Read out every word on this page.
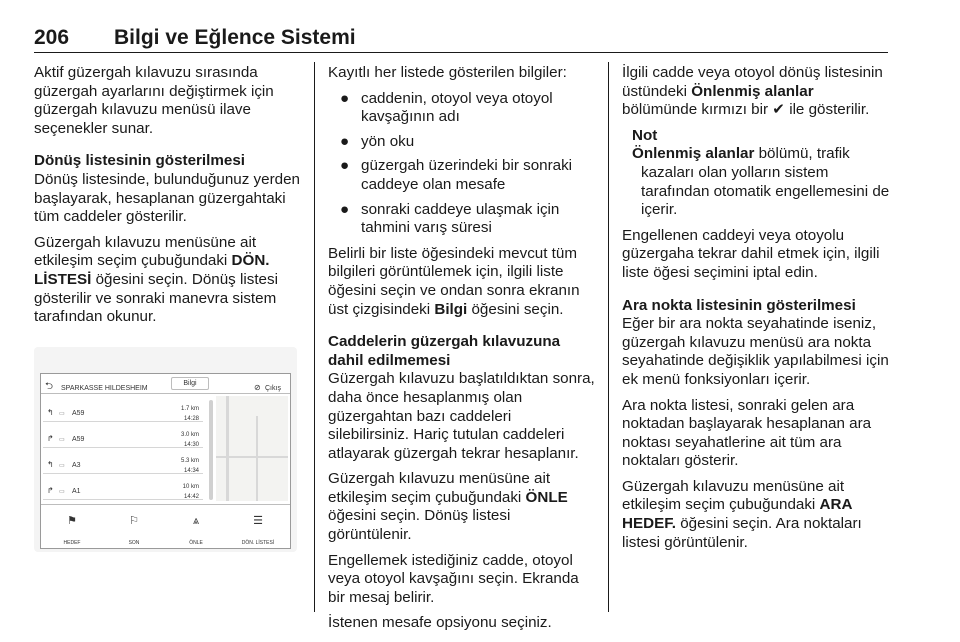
206 Bilgi ve Eğlence Sistemi

Aktif güzergah kılavuzu sırasında güzergah ayarlarını değiştirmek için güzergah kılavuzu menüsü ilave seçenekler sunar.

Dönüş listesinin gösterilmesi

Dönüş listesinde, bulunduğunuz yerden başlayarak, hesaplanan güzergahtaki tüm caddeler gösterilir.

Güzergah kılavuzu menüsüne ait etkileşim seçim çubuğundaki DÖN. LİSTESİ öğesini seçin. Dönüş listesi gösterilir ve sonraki manevra sistem tarafından okunur.

⮌ SPARKASSE HILDESHEIM
Bilgi	⊘ Çıkış
↰ ▭ A59
1.7 km
14:28
↱ ▭ A59
3.0 km
14:30
↰ ▭ A3
5.3 km
14:34
↱ ▭ A1
10 km
14:42
⚑
HEDEF
⚐
SON
⩓
ÖNLE
☰
DÖN. LİSTESİ

Kayıtlı her listede gösterilen bilgiler:

● caddenin, otoyol veya otoyol kavşağının adı
● yön oku
● güzergah üzerindeki bir sonraki caddeye olan mesafe
● sonraki caddeye ulaşmak için tahmini varış süresi

Belirli bir liste öğesindeki mevcut tüm bilgileri görüntülemek için, ilgili liste öğesini seçin ve ondan sonra ekranın üst çizgisindeki Bilgi öğesini seçin.

Caddelerin güzergah kılavuzuna dahil edilmemesi

Güzergah kılavuzu başlatıldıktan sonra, daha önce hesaplanmış olan güzergahtan bazı caddeleri silebilirsiniz. Hariç tutulan caddeleri atlayarak güzergah tekrar hesaplanır.

Güzergah kılavuzu menüsüne ait etkileşim seçim çubuğundaki ÖNLE öğesini seçin. Dönüş listesi görüntülenir.

Engellemek istediğiniz cadde, otoyol veya otoyol kavşağını seçin. Ekranda bir mesaj belirir.

İstenen mesafe opsiyonu seçiniz.

İlgili cadde veya otoyol dönüş listesinin üstündeki Önlenmiş alanlar bölümünde kırmızı bir ✔ ile gösterilir.

Not
Önlenmiş alanlar bölümü, trafik kazaları olan yolların sistem tarafından otomatik engellemesini de içerir.

Engellenen caddeyi veya otoyolu güzergaha tekrar dahil etmek için, ilgili liste öğesi seçimini iptal edin.

Ara nokta listesinin gösterilmesi

Eğer bir ara nokta seyahatinde iseniz, güzergah kılavuzu menüsü ara nokta seyahatinde değişiklik yapılabilmesi için ek menü fonksiyonları içerir.

Ara nokta listesi, sonraki gelen ara noktadan başlayarak hesaplanan ara noktası seyahatlerine ait tüm ara noktaları gösterir.

Güzergah kılavuzu menüsüne ait etkileşim seçim çubuğundaki ARA HEDEF. öğesini seçin. Ara noktaları listesi görüntülenir.
